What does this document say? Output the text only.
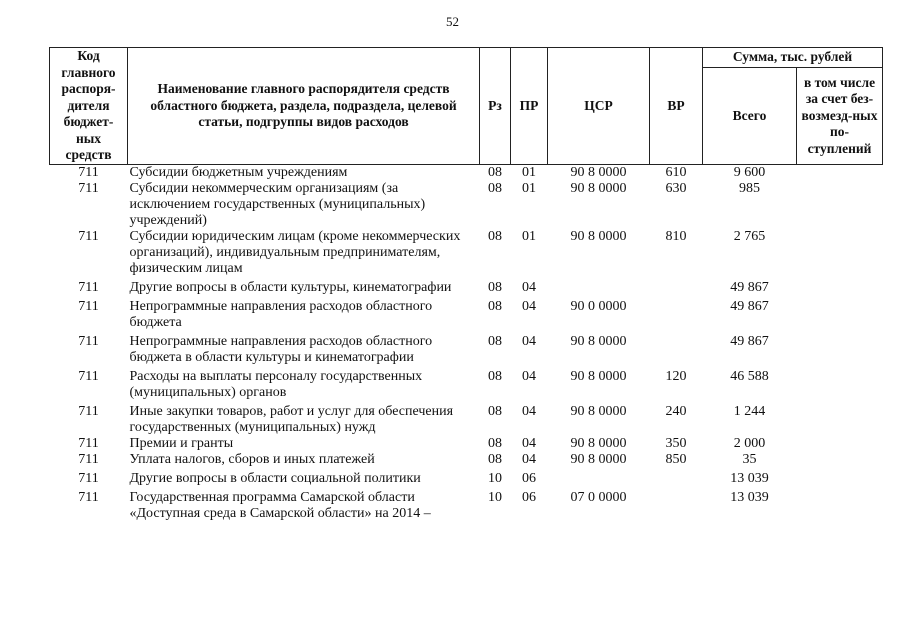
52
Код главного распоря-дителя бюджет-ных средств	Наименование главного распорядителя средств областного бюджета, раздела, подраздела, целевой статьи, подгруппы видов расходов	Рз	ПР	ЦСР	ВР	Сумма, тыс. рублей	
						Всего	в том числе за счет без-возмезд-ных по-ступлений
711	Субсидии бюджетным учреждениям	08	01	90 8 0000	610	9 600	
711	Субсидии некоммерческим организациям (за исключением государственных (муниципальных) учреждений)	08	01	90 8 0000	630	985	
711	Субсидии юридическим лицам (кроме некоммерческих организаций), индивидуальным предпринимателям, физическим лицам	08	01	90 8 0000	810	2 765	
711	Другие вопросы в области культуры, кинематографии	08	04			49 867	
711	Непрограммные направления расходов областного бюджета	08	04	90 0 0000		49 867	
711	Непрограммные направления расходов областного бюджета в области культуры и кинематографии	08	04	90 8 0000		49 867	
711	Расходы на выплаты персоналу государственных (муниципальных) органов	08	04	90 8 0000	120	46 588	
711	Иные закупки товаров, работ и услуг для обеспечения государственных (муниципальных) нужд	08	04	90 8 0000	240	1 244	
711	Премии и гранты	08	04	90 8 0000	350	2 000	
711	Уплата налогов, сборов и иных платежей	08	04	90 8 0000	850	35	
711	Другие вопросы в области социальной политики	10	06			13 039	
711	Государственная программа Самарской области «Доступная среда в Самарской области» на 2014 –	10	06	07 0 0000		13 039	
